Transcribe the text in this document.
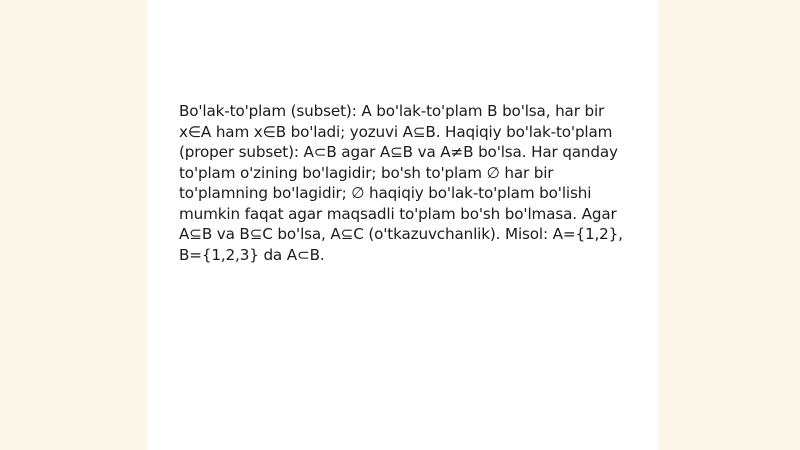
Bo'lak-to'plam (subset): A bo'lak-to'plam B bo'lsa, har bir x∈A ham x∈B bo'ladi; yozuvi A⊆B. Haqiqiy bo'lak-to'plam (proper subset): A⊂B agar A⊆B va A≠B bo'lsa. Har qanday to'plam o'zining bo'lagidir; bo'sh to'plam ∅ har bir to'plamning bo'lagidir; ∅ haqiqiy bo'lak-to'plam bo'lishi mumkin faqat agar maqsadli to'plam bo'sh bo'lmasa. Agar A⊆B va B⊆C bo'lsa, A⊆C (o'tkazuvchanlik). Misol: A={1,2}, B={1,2,3} da A⊂B.
